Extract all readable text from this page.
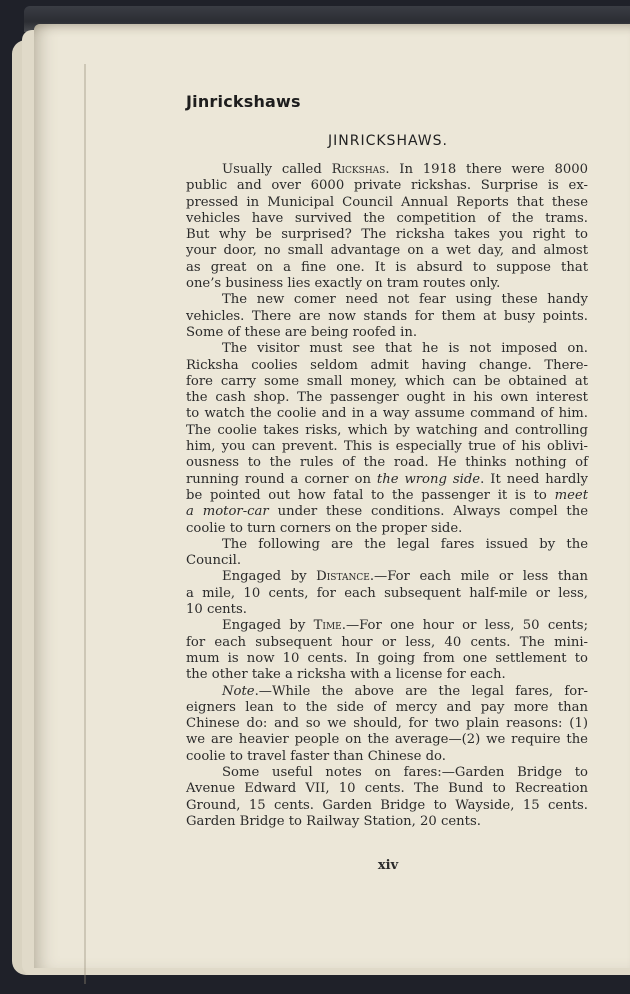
Jinrickshaws
JINRICKSHAWS.
Usually called Rickshas. In 1918 there were 8000
public and over 6000 private rickshas. Surprise is ex-
pressed in Municipal Council Annual Reports that these
vehicles have survived the competition of the trams.
But why be surprised? The ricksha takes you right to
your door, no small advantage on a wet day, and almost
as great on a fine one. It is absurd to suppose that
one’s business lies exactly on tram routes only.
The new comer need not fear using these handy
vehicles. There are now stands for them at busy points.
Some of these are being roofed in.
The visitor must see that he is not imposed on.
Ricksha coolies seldom admit having change. There-
fore carry some small money, which can be obtained at
the cash shop. The passenger ought in his own interest
to watch the coolie and in a way assume command of him.
The coolie takes risks, which by watching and controlling
him, you can prevent. This is especially true of his oblivi-
ousness to the rules of the road. He thinks nothing of
running round a corner on the wrong side. It need hardly
be pointed out how fatal to the passenger it is to meet
a motor-car under these conditions. Always compel the
coolie to turn corners on the proper side.
The following are the legal fares issued by the
Council.
Engaged by Distance.—For each mile or less than
a mile, 10 cents, for each subsequent half-mile or less,
10 cents.
Engaged by Time.—For one hour or less, 50 cents;
for each subsequent hour or less, 40 cents. The mini-
mum is now 10 cents. In going from one settlement to
the other take a ricksha with a license for each.
Note.—While the above are the legal fares, for-
eigners lean to the side of mercy and pay more than
Chinese do: and so we should, for two plain reasons: (1)
we are heavier people on the average—(2) we require the
coolie to travel faster than Chinese do.
Some useful notes on fares:—Garden Bridge to
Avenue Edward VII, 10 cents. The Bund to Recreation
Ground, 15 cents. Garden Bridge to Wayside, 15 cents.
Garden Bridge to Railway Station, 20 cents.
xiv
